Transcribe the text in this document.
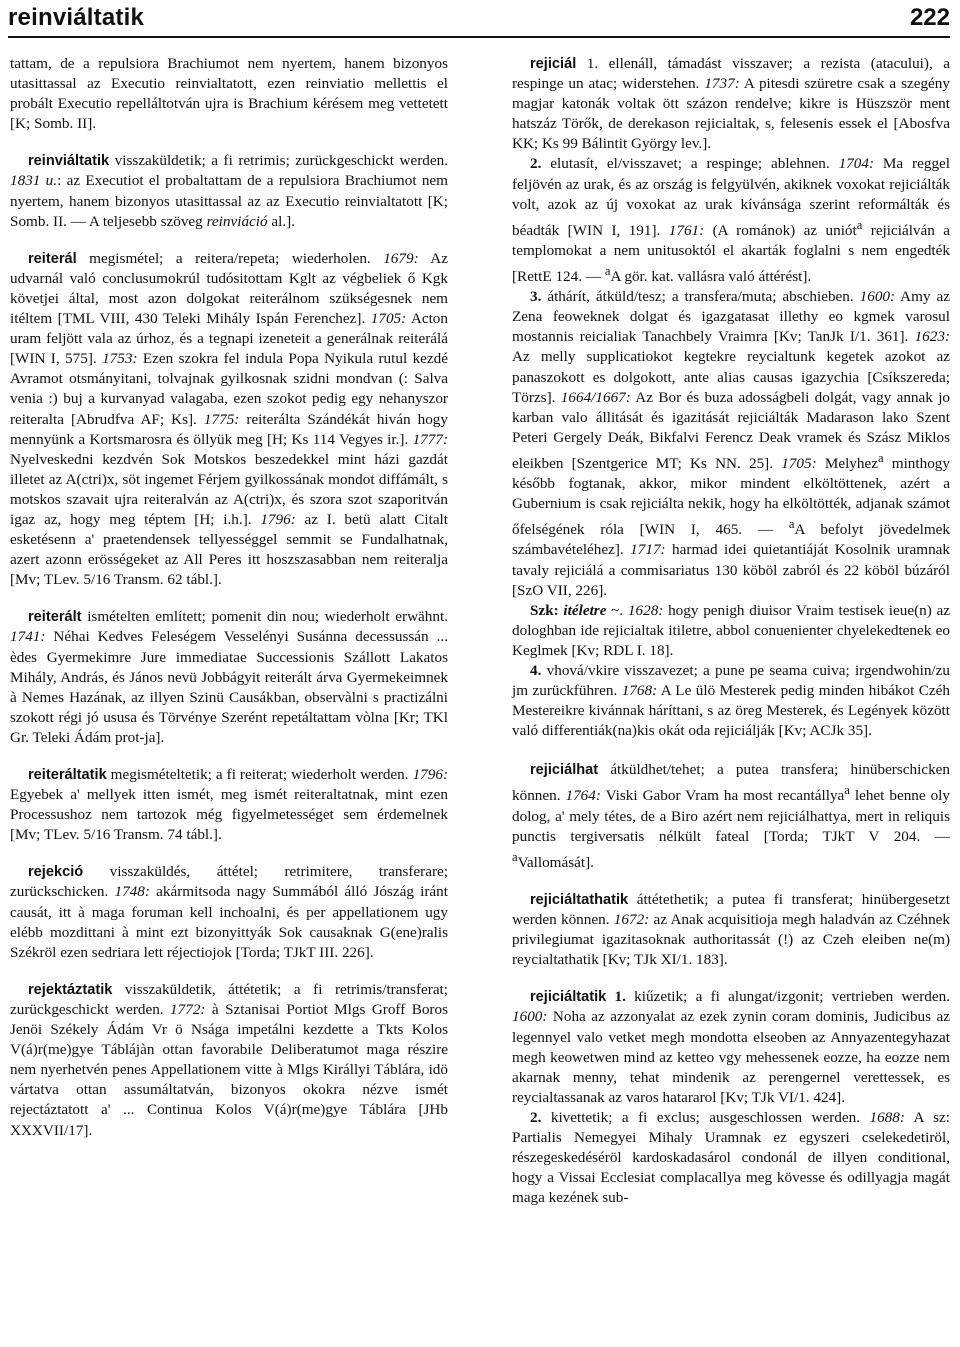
reinviáltatik	222

tattam, de a repulsiora Brachiumot nem nyertem, hanem bizonyos utasittassal az Executio reinvialtatott, ezen reinviatio mellettis el probált Executio repelláltotván ujra is Brachium kérésem meg vettetett [K; Somb. II].

reinviáltatik visszaküldetik; a fi retrimis; zurückgeschickt werden. 1831 u.: az Executiot el probaltattam de a repulsiora Brachiumot nem nyertem, hanem bizonyos utasittassal az az Executio reinvialtatott [K; Somb. II. — A teljesebb szöveg reinviáció al.].

reiterál megismétel; a reitera/repeta; wiederholen. 1679: Az udvarnál való conclusumokrúl tudósitottam Kglt az végbeliek ő Kgk követjei által, most azon dolgokat reiterálnom szükségesnek nem itéltem [TML VIII, 430 Teleki Mihály Ispán Ferenchez]. 1705: Acton uram feljött vala az úrhoz, és a tegnapi izeneteit a generálnak reiterálá [WIN I, 575]. 1753: Ezen szokra fel indula Popa Nyikula rutul kezdé Avramot otsmányitani, tolvajnak gyilkosnak szidni mondvan (: Salva venia :) buj a kurvanyad valagaba, ezen szokot pedig egy nehanyszor reiteralta [Abrudfva AF; Ks]. 1775: reiterálta Szándékát hiván hogy mennyünk a Kortsmarosra és öllyük meg [H; Ks 114 Vegyes ir.]. 1777: Nyelveskedni kezdvén Sok Motskos beszedekkel mint házi gazdát illetet az A(ctri)x, söt ingemet Férjem gyilkossának mondot diffámált, s motskos szavait ujra reiteralván az A(ctri)x, és szora szot szaporitván igaz az, hogy meg téptem [H; i.h.]. 1796: az I. betü alatt Citalt esketésenn a' praetendensek tellyességgel semmit se Fundalhatnak, azert azonn erösségeket az All Peres itt hoszszasabban nem reiteralja [Mv; TLev. 5/16 Transm. 62 tábl.].

reiterált ismételten említett; pomenit din nou; wiederholt erwähnt. 1741: Néhai Kedves Feleségem Vesselényi Susánna decessussán ... èdes Gyermekimre Jure immediatae Successionis Szállott Lakatos Mihály, András, és János nevü Jobbágyit reiterált árva Gyermekeimnek à Nemes Hazának, az illyen Szinü Causákban, observàlni s practizálni szokott régi jó ususa és Törvénye Szerént repetáltattam vòlna [Kr; TKl Gr. Teleki Ádám prot-ja].

reiteráltatik megismételtetik; a fi reiterat; wiederholt werden. 1796: Egyebek a' mellyek itten ismét, meg ismét reiteraltatnak, mint ezen Processushoz nem tartozok még figyelmetességet sem érdemelnek [Mv; TLev. 5/16 Transm. 74 tábl.].

rejekció visszaküldés, áttétel; retrimitere, transferare; zurückschicken. 1748: akármitsoda nagy Summából álló Jószág iránt causát, itt à maga foruman kell inchoalni, és per appellationem ugy elébb mozdittani à mint ezt bizonyittyák Sok causaknak G(ene)ralis Székröl ezen sedriara lett réjectiojok [Torda; TJkT III. 226].

rejektáztatik visszaküldetik, áttétetik; a fi retrimis/transferat; zurückgeschickt werden. 1772: à Sztanisai Portiot Mlgs Groff Boros Jenöi Székely Ádám Vr ö Nsága impetálni kezdette a Tkts Kolos V(á)r(me)gye Táblájàn ottan favorabile Deliberatumot maga részire nem nyerhetvén penes Appellationem vitte à Mlgs Királlyi Táblára, idö vártatva ottan assumáltatván, bizonyos okokra nézve ismét rejectáztatott a' ... Continua Kolos V(á)r(me)gye Táblára [JHb XXXVII/17].

rejiciál 1. ellenáll, támadást visszaver; a rezista (atacului), a respinge un atac; widerstehen. 1737: A pitesdi szüretre csak a szegény magjar katonák voltak ött százon rendelve; kikre is Hüszször ment hatszáz Törők, de derekason rejicialtak, s, felesenis essek el [Abosfva KK; Ks 99 Bálintit György lev.].

2. elutasít, el/visszavet; a respinge; ablehnen. 1704: Ma reggel feljövén az urak, és az ország is felgyülvén, akiknek voxokat rejiciálták volt, azok az új voxokat az urak kívánsága szerint reformálták és béadták [WIN I, 191]. 1761: (A románok) az uniót$^a$ rejiciálván a templomokat a nem unitusoktól el akarták foglalni s nem engedték [RettE 124. — $^a$A gör. kat. vallásra való áttérést].

3. áthárít, átküld/tesz; a transfera/muta; abschieben. 1600: Amy az Zena feoweknek dolgat és igazgatasat illethy eo kgmek varosul mostannis reicialiak Tanachbely Vraimra [Kv; TanJk I/1. 361]. 1623: Az melly supplicatiokot kegtekre reycialtunk kegetek azokot az panaszokott es dolgokott, ante alias causas igazychia [Csíkszereda; Törzs]. 1664/1667: Az Bor és buza adosságbeli dolgát, vagy annak jo karban valo állitását és igazitását rejiciálták Madarason lako Szent Peteri Gergely Deák, Bikfalvi Ferencz Deak vramek és Szász Miklos eleikben [Szentgerice MT; Ks NN. 25]. 1705: Melyhez$^a$ minthogy később fogtanak, akkor, mikor mindent elköltöttenek, azért a Gubernium is csak rejiciálta nekik, hogy ha elköltötték, adjanak számot őfelségének róla [WIN I, 465. — $^a$A befolyt jövedelmek számbavételéhez]. 1717: harmad idei quietantiáját Kosolnik uramnak tavaly rejiciálá a commisariatus 130 köböl zabról és 22 köböl búzáról [SzO VII, 226].

Szk: itéletre ~. 1628: hogy penigh diuisor Vraim testisek ieue(n) az dologhban ide rejicialtak itiletre, abbol conuenienter chyelekedtenek eo Keglmek [Kv; RDL I. 18].

4. vhová/vkire visszavezet; a pune pe seama cuiva; irgendwohin/zu jm zurückführen. 1768: A Le ülö Mesterek pedig minden hibákot Czéh Mestereikre kivánnak háríttani, s az öreg Mesterek, és Legények között való differentiák(na)kis okát oda rejiciálják [Kv; ACJk 35].

rejiciálhat átküldhet/tehet; a putea transfera; hinüberschicken können. 1764: Viski Gabor Vram ha most recantállya$^a$ lehet benne oly dolog, a' mely tétes, de a Biro azért nem rejiciálhattya, mert in reliquis punctis tergiversatis nélkült fateal [Torda; TJkT V 204. — $^a$Vallomását].

rejiciáltathatik áttétethetik; a putea fi transferat; hinübergesetzt werden können. 1672: az Anak acquisitioja megh haladván az Czéhnek privilegiumat igazitasoknak authoritassát (!) az Czeh eleiben ne(m) reycialtathatik [Kv; TJk XI/1. 183].

rejiciáltatik 1. kiűzetik; a fi alungat/izgonit; vertrieben werden. 1600: Noha az azzonyalat az ezek zynin coram dominis, Judicibus az legennyel valo vetket megh mondotta elseoben az Annyazentegyhazat megh keowetwen mind az ketteo vgy mehessenek eozze, ha eozze nem akarnak menny, tehat mindenik az perengernel verettessek, es reycialtassanak az varos hatararol [Kv; TJk VI/1. 424].

2. kivettetik; a fi exclus; ausgeschlossen werden. 1688: A sz: Partialis Nemegyei Mihaly Uramnak ez egyszeri cselekedetiröl, részegeskedéséröl kardoskadasárol condonál de illyen conditional, hogy a Vissai Ecclesiat complacallya meg kövesse és odillyagja magát maga kezének sub-
